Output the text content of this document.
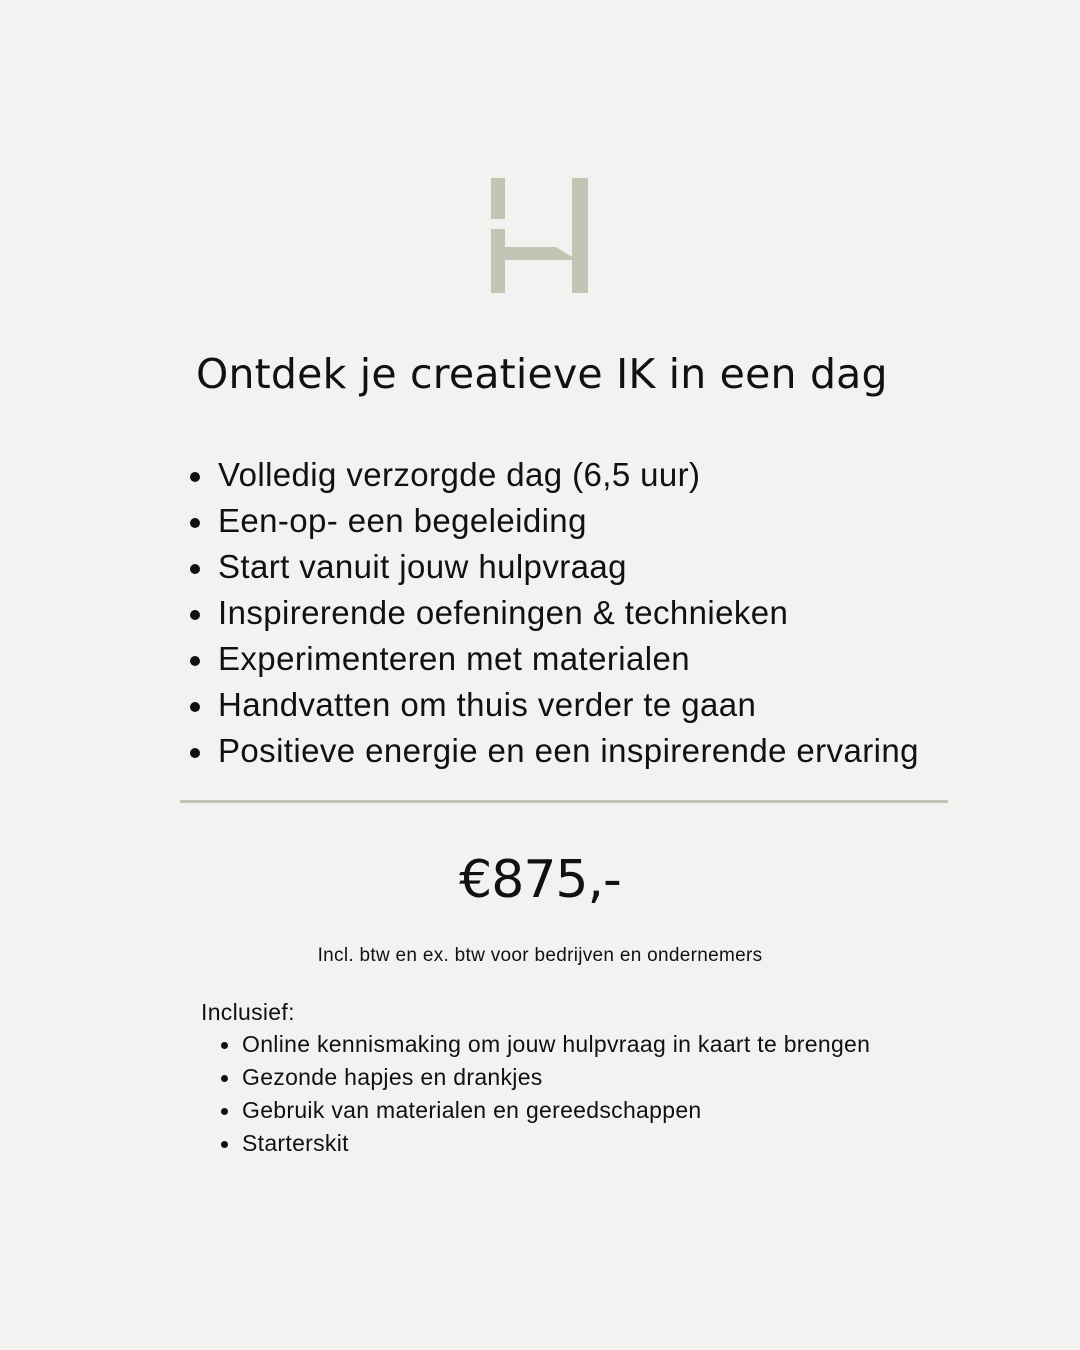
Ontdek je creatieve IK in een dag
Volledig verzorgde dag (6,5 uur)
Een-op- een begeleiding
Start vanuit jouw hulpvraag
Inspirerende oefeningen & technieken
Experimenteren met materialen
Handvatten om thuis verder te gaan
Positieve energie en een inspirerende ervaring
€875,-
Incl. btw en ex. btw voor bedrijven en ondernemers
Inclusief:
Online kennismaking om jouw hulpvraag in kaart te brengen
Gezonde hapjes en drankjes
Gebruik van materialen en gereedschappen
Starterskit
